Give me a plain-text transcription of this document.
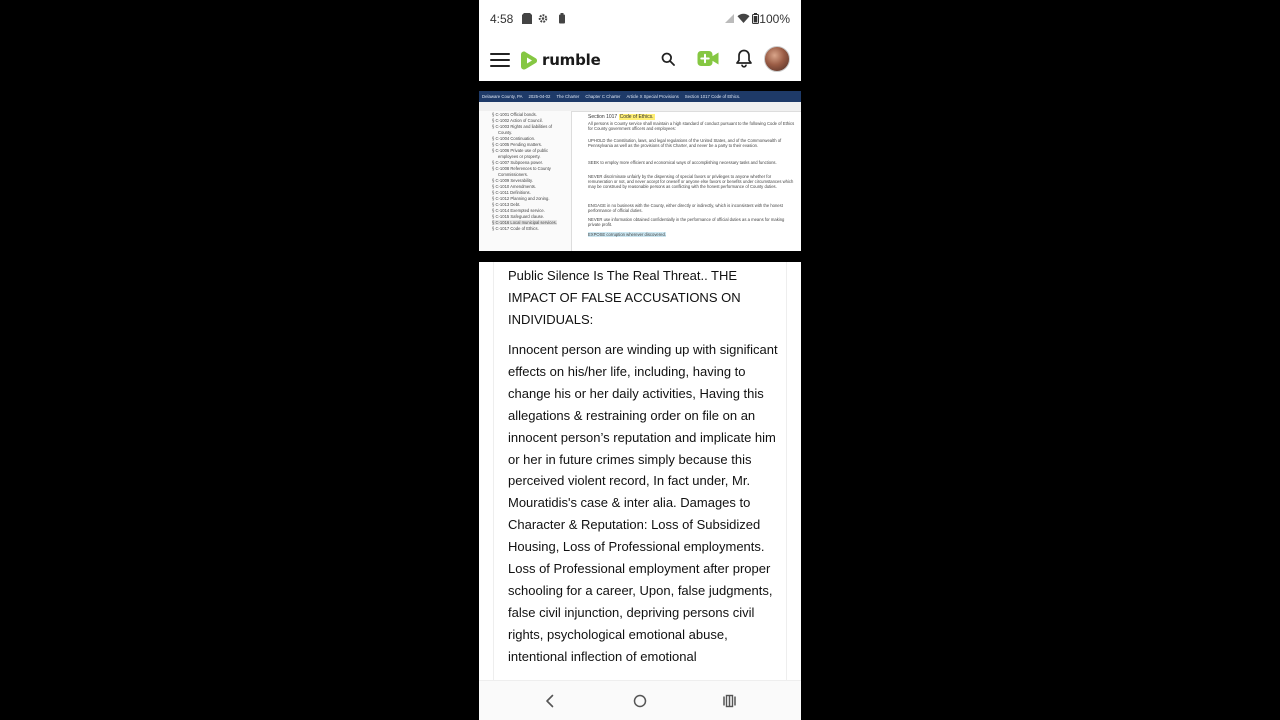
4:58	100%
rumble
Delaware County, PA 2025-04-02 The Charter Chapter C Charter Article X Special Provisions Section 1017 Code of Ethics.
§ C-1001 Official bonds.
§ C-1002 Action of Council.
§ C-1003 Rights and liabilities of
County.
§ C-1004 Continuation.
§ C-1005 Pending matters.
§ C-1006 Private use of public
employees or property.
§ C-1007 Subpoena power.
§ C-1008 References to County
Commissioners.
§ C-1009 Severability.
§ C-1010 Amendments.
§ C-1011 Definitions.
§ C-1012 Planning and zoning.
§ C-1013 Debt.
§ C-1014 Exempted service.
§ C-1015 Safeguard clause.
§ C-1016 Local municipal services.
§ C-1017 Code of Ethics.
Section 1017 Code of Ethics.
All persons in County service shall maintain a high standard of conduct pursuant to the following Code of Ethics for County government officers and employees:
UPHOLD the Constitution, laws, and legal regulations of the United States, and of the Commonwealth of Pennsylvania as well as the provisions of this Charter, and never be a party to their evasion.
SEEK to employ more efficient and economical ways of accomplishing necessary tasks and functions.
NEVER discriminate unfairly by the dispensing of special favors or privileges to anyone whether for remuneration or not, and never accept for oneself or anyone else favors or benefits under circumstances which may be construed by reasonable persons as conflicting with the honest performance of County duties.
ENGAGE in no business with the County, either directly or indirectly, which is inconsistent with the honest performance of official duties.
NEVER use information obtained confidentially in the performance of official duties as a means for making private profit.
EXPOSE corruption wherever discovered.

Public Silence Is The Real Threat.. THE IMPACT OF FALSE ACCUSATIONS ON INDIVIDUALS:

Innocent person are winding up with significant effects on his/her life, including, having to change his or her daily activities, Having this allegations & restraining order on file on an innocent person’s reputation and implicate him or her in future crimes simply because this perceived violent record, In fact under, Mr. Mouratidis's case & inter alia. Damages to Character & Reputation: Loss of Subsidized Housing, Loss of Professional employments. Loss of Professional employment after proper schooling for a career, Upon, false judgments, false civil injunction, depriving persons civil rights, psychological emotional abuse, intentional inflection of emotional
